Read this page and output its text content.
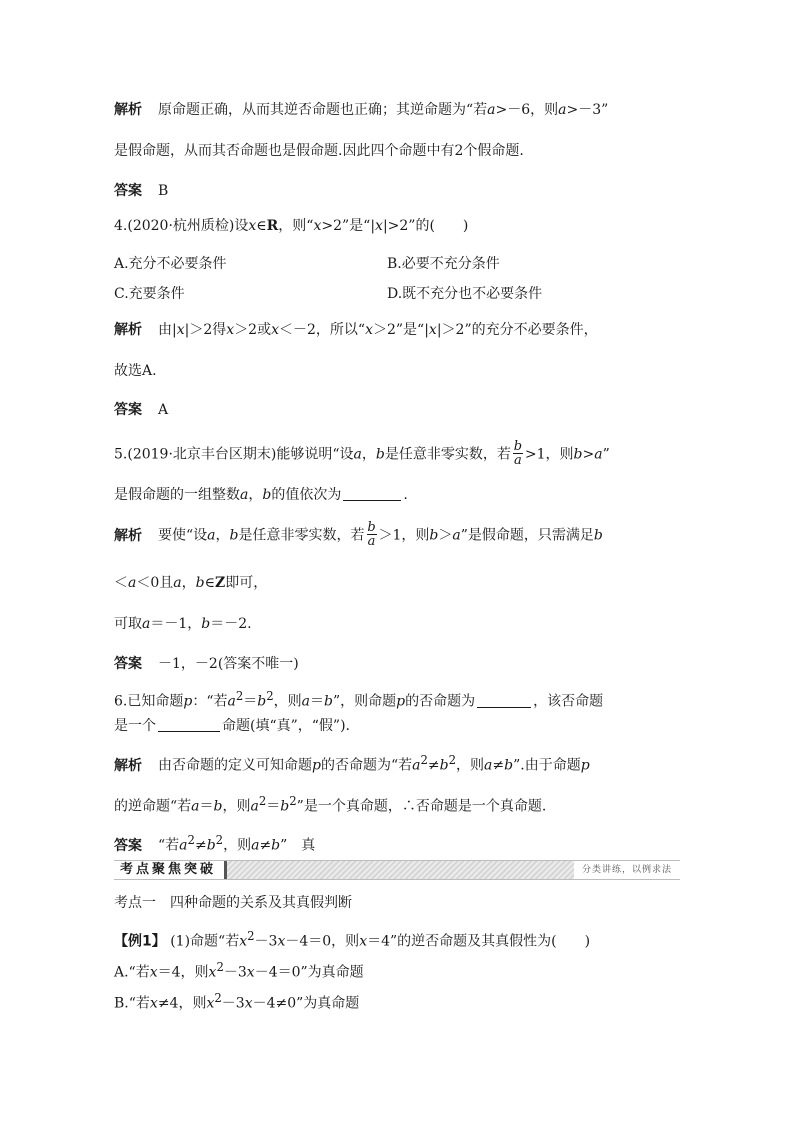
解析 原命题正确，从而其逆否命题也正确；其逆命题为“若a>－6，则a>－3”
是假命题，从而其否命题也是假命题.因此四个命题中有2个假命题.
答案 B
4.(2020·杭州质检)设x∈R，则“x>2”是“|x|>2”的(　　)
A.充分不必要条件	B.必要不充分条件
C.充要条件	D.既不充分也不必要条件
解析 由|x|＞2得x＞2或x＜－2，所以“x＞2”是“|x|＞2”的充分不必要条件，
故选A.
答案 A
5.(2019·北京丰台区期末)能够说明“设a，b是任意非零实数，若 $\frac{b}{a} >1$，则b>a”
是假命题的一组整数a，b的值依次为	.
解析 要使“设a，b是任意非零实数，若 $\frac{b}{a} >1$，则b＞a”是假命题，只需满足b
＜a＜0且a，b∈Z即可，
可取a＝－1，b＝－2.
答案 －1，－2(答案不唯一)
6.已知命题p：“若$a^2=b^2$，则a＝b”，则命题p的否命题为	，该否命题
是一个	命题(填“真”，“假”).
解析 由否命题的定义可知命题p的否命题为“若$a^2\ne b^2$，则a≠b”.由于命题p
的逆命题“若a＝b，则$a^2=b^2$”是一个真命题，∴否命题是一个真命题.
答案 “若$a^2\ne b^2$，则a≠b”　真
考点聚焦突破	分类讲练，以例求法
考点一　四种命题的关系及其真假判断
【例1】 (1)命题“若$x^2-3x-4=0$，则x＝4”的逆否命题及其真假性为(　　)
A.“若x＝4，则$x^2-3x-4=0$”为真命题
B.“若x≠4，则$x^2-3x-4\ne 0$”为真命题
